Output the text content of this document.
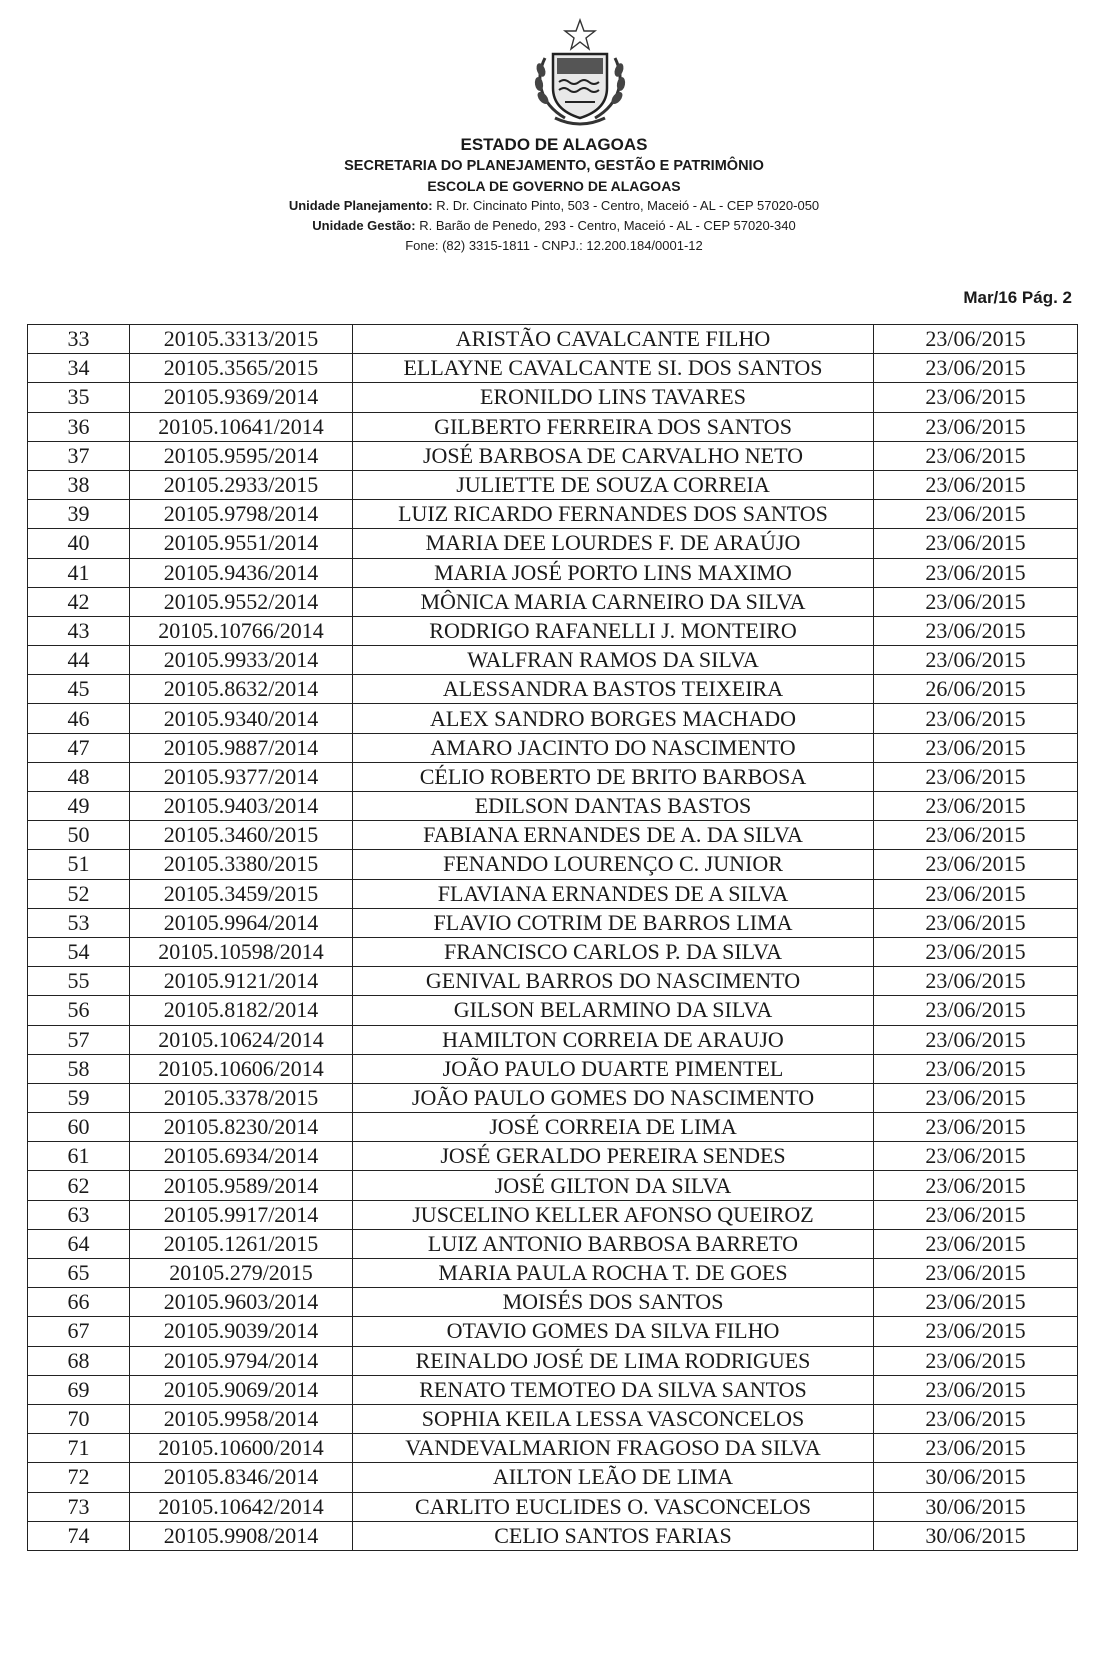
ESTADO DE ALAGOAS
SECRETARIA DO PLANEJAMENTO, GESTÃO E PATRIMÔNIO
ESCOLA DE GOVERNO DE ALAGOAS
Unidade Planejamento: R. Dr. Cincinato Pinto, 503 - Centro, Maceió - AL - CEP 57020-050
Unidade Gestão: R. Barão de Penedo, 293 - Centro, Maceió - AL - CEP 57020-340
Fone: (82) 3315-1811 - CNPJ.: 12.200.184/0001-12
Mar/16 Pág. 2
33	20105.3313/2015	ARISTÃO CAVALCANTE FILHO	23/06/2015
34	20105.3565/2015	ELLAYNE CAVALCANTE SI. DOS SANTOS	23/06/2015
35	20105.9369/2014	ERONILDO LINS TAVARES	23/06/2015
36	20105.10641/2014	GILBERTO FERREIRA DOS SANTOS	23/06/2015
37	20105.9595/2014	JOSÉ BARBOSA DE CARVALHO NETO	23/06/2015
38	20105.2933/2015	JULIETTE DE SOUZA CORREIA	23/06/2015
39	20105.9798/2014	LUIZ RICARDO FERNANDES DOS SANTOS	23/06/2015
40	20105.9551/2014	MARIA DEE LOURDES F. DE ARAÚJO	23/06/2015
41	20105.9436/2014	MARIA JOSÉ PORTO LINS MAXIMO	23/06/2015
42	20105.9552/2014	MÔNICA MARIA CARNEIRO DA SILVA	23/06/2015
43	20105.10766/2014	RODRIGO RAFANELLI J. MONTEIRO	23/06/2015
44	20105.9933/2014	WALFRAN RAMOS DA SILVA	23/06/2015
45	20105.8632/2014	ALESSANDRA BASTOS TEIXEIRA	26/06/2015
46	20105.9340/2014	ALEX SANDRO BORGES MACHADO	23/06/2015
47	20105.9887/2014	AMARO JACINTO DO NASCIMENTO	23/06/2015
48	20105.9377/2014	CÉLIO ROBERTO DE BRITO BARBOSA	23/06/2015
49	20105.9403/2014	EDILSON DANTAS BASTOS	23/06/2015
50	20105.3460/2015	FABIANA ERNANDES DE A. DA SILVA	23/06/2015
51	20105.3380/2015	FENANDO LOURENÇO C. JUNIOR	23/06/2015
52	20105.3459/2015	FLAVIANA ERNANDES DE A SILVA	23/06/2015
53	20105.9964/2014	FLAVIO COTRIM DE BARROS LIMA	23/06/2015
54	20105.10598/2014	FRANCISCO CARLOS P. DA SILVA	23/06/2015
55	20105.9121/2014	GENIVAL BARROS DO NASCIMENTO	23/06/2015
56	20105.8182/2014	GILSON BELARMINO DA SILVA	23/06/2015
57	20105.10624/2014	HAMILTON CORREIA DE ARAUJO	23/06/2015
58	20105.10606/2014	JOÃO PAULO DUARTE PIMENTEL	23/06/2015
59	20105.3378/2015	JOÃO PAULO GOMES DO NASCIMENTO	23/06/2015
60	20105.8230/2014	JOSÉ CORREIA DE LIMA	23/06/2015
61	20105.6934/2014	JOSÉ GERALDO PEREIRA SENDES	23/06/2015
62	20105.9589/2014	JOSÉ GILTON DA SILVA	23/06/2015
63	20105.9917/2014	JUSCELINO KELLER AFONSO QUEIROZ	23/06/2015
64	20105.1261/2015	LUIZ ANTONIO BARBOSA BARRETO	23/06/2015
65	20105.279/2015	MARIA PAULA ROCHA T. DE GOES	23/06/2015
66	20105.9603/2014	MOISÉS DOS SANTOS	23/06/2015
67	20105.9039/2014	OTAVIO GOMES DA SILVA FILHO	23/06/2015
68	20105.9794/2014	REINALDO JOSÉ DE LIMA RODRIGUES	23/06/2015
69	20105.9069/2014	RENATO TEMOTEO DA SILVA SANTOS	23/06/2015
70	20105.9958/2014	SOPHIA KEILA LESSA VASCONCELOS	23/06/2015
71	20105.10600/2014	VANDEVALMARION FRAGOSO DA SILVA	23/06/2015
72	20105.8346/2014	AILTON LEÃO DE LIMA	30/06/2015
73	20105.10642/2014	CARLITO EUCLIDES O. VASCONCELOS	30/06/2015
74	20105.9908/2014	CELIO SANTOS FARIAS	30/06/2015
